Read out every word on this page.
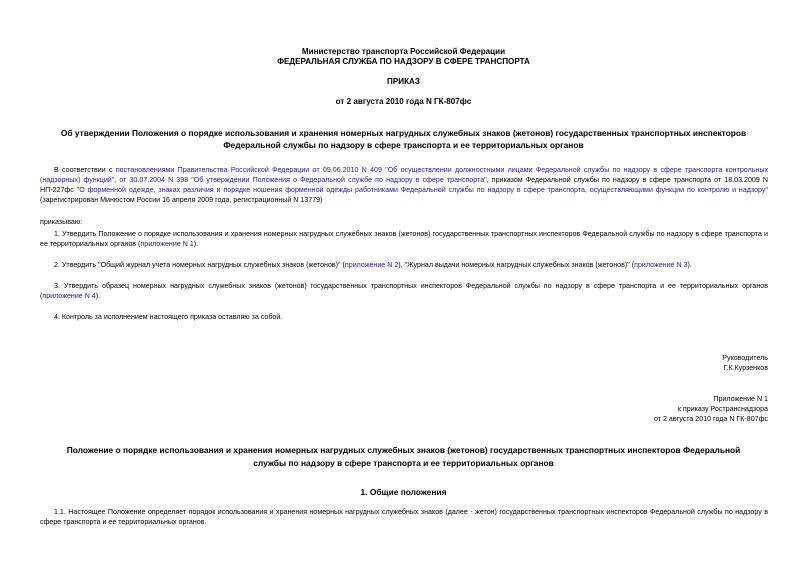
Министерство транспорта Российской Федерации
ФЕДЕРАЛЬНАЯ СЛУЖБА ПО НАДЗОРУ В СФЕРЕ ТРАНСПОРТА
ПРИКАЗ
от 2 августа 2010 года N ГК-807фс
Об утверждении Положения о порядке использования и хранения номерных нагрудных служебных знаков (жетонов) государственных транспортных инспекторов
Федеральной службы по надзору в сфере транспорта и ее территориальных органов
В соответствии с постановлениями Правительства Российской Федерации от 09.06.2010 N 409 "Об осуществлении должностными лицами Федеральной службы по надзору в сфере транспорта контрольных (надзорных) функций", от 30.07.2004 N 398 "Об утверждении Положения о Федеральной службе по надзору в сфере транспорта", приказом Федеральной службы по надзору в сфере транспорта от 18.03.2009 N НП-227фс "О форменной одежде, знаках различия и порядке ношения форменной одежды работниками Федеральной службы по надзору в сфере транспорта, осуществляющими функции по контролю и надзору" (зарегистрирован Минюстом России 16 апреля 2009 года, регистрационный N 13779)
приказываю:
1. Утвердить Положение о порядке использования и хранения номерных нагрудных служебных знаков (жетонов) государственных транспортных инспекторов Федеральной службы по надзору в сфере транспорта и ее территориальных органов (приложение N 1).
2. Утвердить "Общий журнал учета номерных нагрудных служебных знаков (жетонов)" (приложение N 2), "Журнал выдачи номерных нагрудных служебных знаков (жетонов)" (приложение N 3).
3. Утвердить образец номерных нагрудных служебных знаков (жетонов) государственных транспортных инспекторов Федеральной службы по надзору в сфере транспорта и ее территориальных органов (приложение N 4).
4. Контроль за исполнением настоящего приказа оставляю за собой.
Руководитель
Г.К.Курзенков
Приложение N 1
к приказу Ространснадзора
от 2 августа 2010 года N ГК-807фс
Положение о порядке использования и хранения номерных нагрудных служебных знаков (жетонов) государственных транспортных инспекторов Федеральной
службы по надзору в сфере транспорта и ее территориальных органов
1. Общие положения
1.1. Настоящее Положение определяет порядок использования и хранения номерных нагрудных служебных знаков (далее - жетон) государственных транспортных инспекторов Федеральной службы по надзору в сфере транспорта и ее территориальных органов.
